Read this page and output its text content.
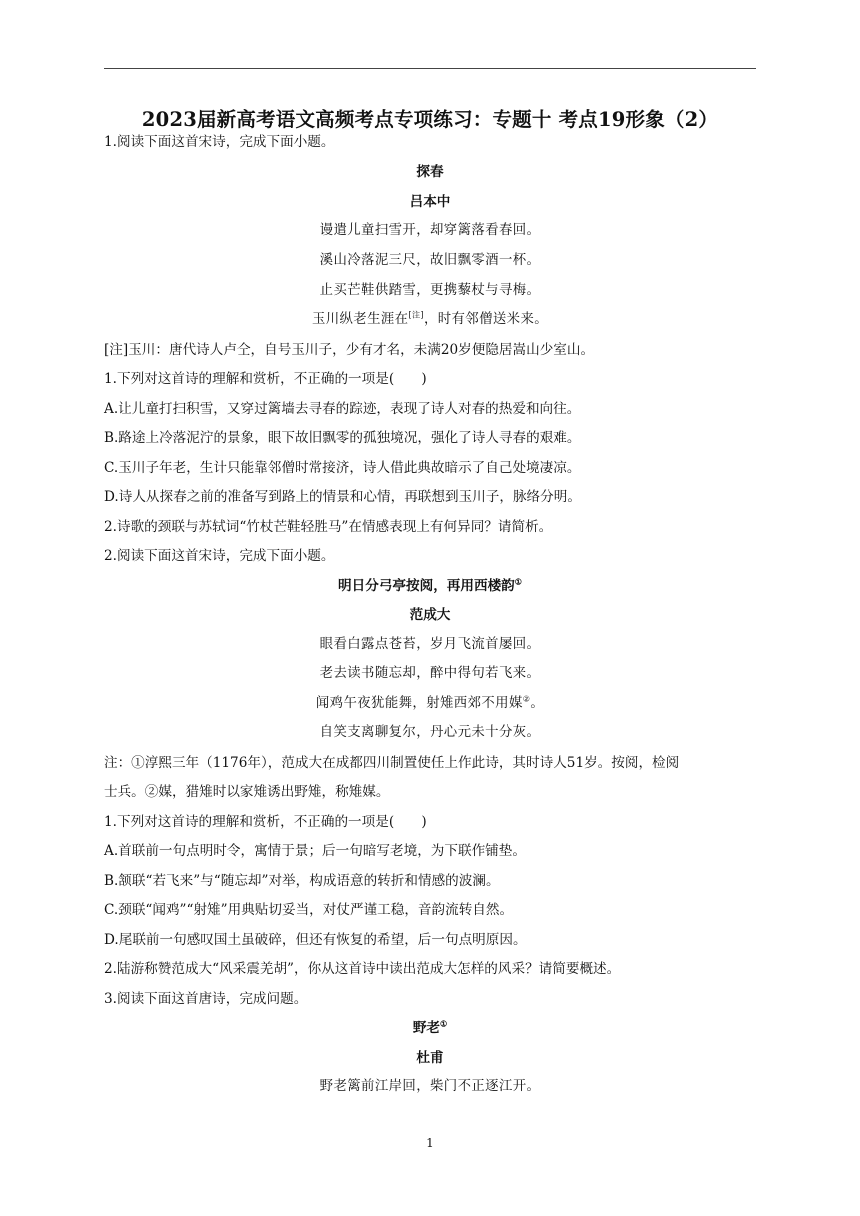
2023届新高考语文高频考点专项练习：专题十 考点19形象（2）
1.阅读下面这首宋诗，完成下面小题。
探春
吕本中
谩遣儿童扫雪开，却穿篱落看春回。
溪山冷落泥三尺，故旧飘零酒一杯。
止买芒鞋供踏雪，更携藜杖与寻梅。
玉川纵老生涯在[注]，时有邻僧送米来。
[注]玉川：唐代诗人卢仝，自号玉川子，少有才名，未满20岁便隐居嵩山少室山。
1.下列对这首诗的理解和赏析，不正确的一项是(　　)
A.让儿童打扫积雪，又穿过篱墙去寻春的踪迹，表现了诗人对春的热爱和向往。
B.路途上冷落泥泞的景象，眼下故旧飘零的孤独境况，强化了诗人寻春的艰难。
C.玉川子年老，生计只能靠邻僧时常接济，诗人借此典故暗示了自己处境凄凉。
D.诗人从探春之前的准备写到路上的情景和心情，再联想到玉川子，脉络分明。
2.诗歌的颈联与苏轼词“竹杖芒鞋轻胜马”在情感表现上有何异同？请简析。
2.阅读下面这首宋诗，完成下面小题。
明日分弓亭按阅，再用西楼韵①
范成大
眼看白露点苍苔，岁月飞流首屡回。
老去读书随忘却，醉中得句若飞来。
闻鸡午夜犹能舞，射雉西郊不用媒②。
自笑支离聊复尔，丹心元未十分灰。
注：①淳熙三年（1176年），范成大在成都四川制置使任上作此诗，其时诗人51岁。按阅，检阅
士兵。②媒，猎雉时以家雉诱出野雉，称雉媒。
1.下列对这首诗的理解和赏析，不正确的一项是(　　)
A.首联前一句点明时令，寓情于景；后一句暗写老境，为下联作铺垫。
B.颔联“若飞来”与“随忘却”对举，构成语意的转折和情感的波澜。
C.颈联“闻鸡”“射雉”用典贴切妥当，对仗严谨工稳，音韵流转自然。
D.尾联前一句感叹国土虽破碎，但还有恢复的希望，后一句点明原因。
2.陆游称赞范成大“风采震羌胡”，你从这首诗中读出范成大怎样的风采？请简要概述。
3.阅读下面这首唐诗，完成问题。
野老①
杜甫
野老篱前江岸回，柴门不正逐江开。
1
